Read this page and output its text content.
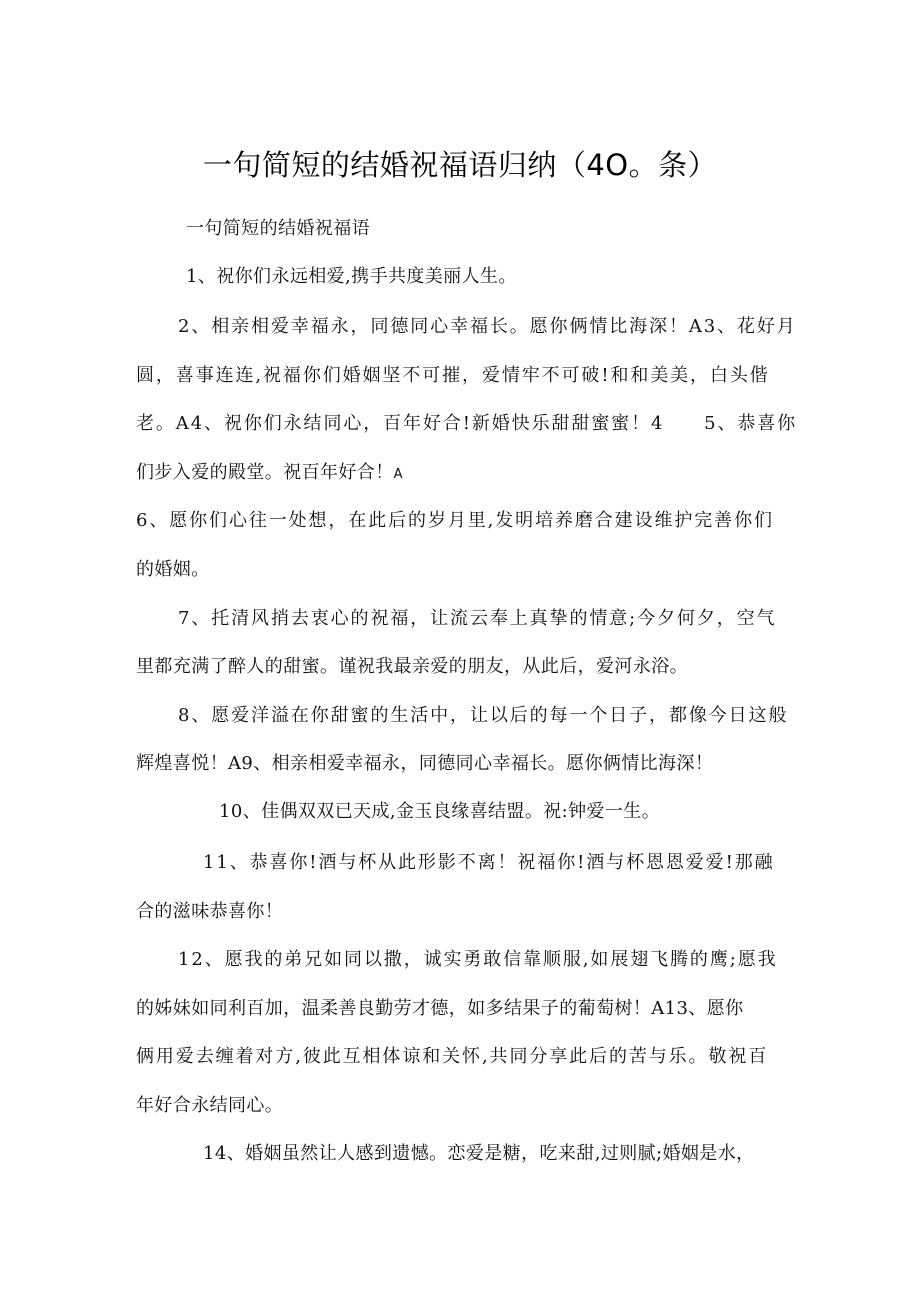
一句简短的结婚祝福语归纳（4O。条）
一句简短的结婚祝福语
1、祝你们永远相爱,携手共度美丽人生。
2、相亲相爱幸福永，同德同心幸福长。愿你俩情比海深！A3、花好月
圆，喜事连连,祝福你们婚姻坚不可摧，爱情牢不可破!和和美美，白头偕
老。A4、祝你们永结同心，百年好合!新婚快乐甜甜蜜蜜！4　　5、恭喜你
们步入爱的殿堂。祝百年好合！A
6、愿你们心往一处想，在此后的岁月里,发明培养磨合建设维护完善你们
的婚姻。
7、托清风捎去衷心的祝福，让流云奉上真挚的情意;今夕何夕，空气
里都充满了醉人的甜蜜。谨祝我最亲爱的朋友，从此后，爱河永浴。
8、愿爱洋溢在你甜蜜的生活中，让以后的每一个日子，都像今日这般
辉煌喜悦！A9、相亲相爱幸福永，同德同心幸福长。愿你俩情比海深！
10、佳偶双双已天成,金玉良缘喜结盟。祝:钟爱一生。
11、恭喜你!酒与杯从此形影不离！祝福你!酒与杯恩恩爱爱!那融
合的滋味恭喜你！
12、愿我的弟兄如同以撒，诚实勇敢信靠顺服,如展翅飞腾的鹰;愿我
的姊妹如同利百加，温柔善良勤劳才德，如多结果子的葡萄树！A13、愿你
俩用爱去缠着对方,彼此互相体谅和关怀,共同分享此后的苦与乐。敬祝百
年好合永结同心。
14、婚姻虽然让人感到遗憾。恋爱是糖，吃来甜,过则腻;婚姻是水，
